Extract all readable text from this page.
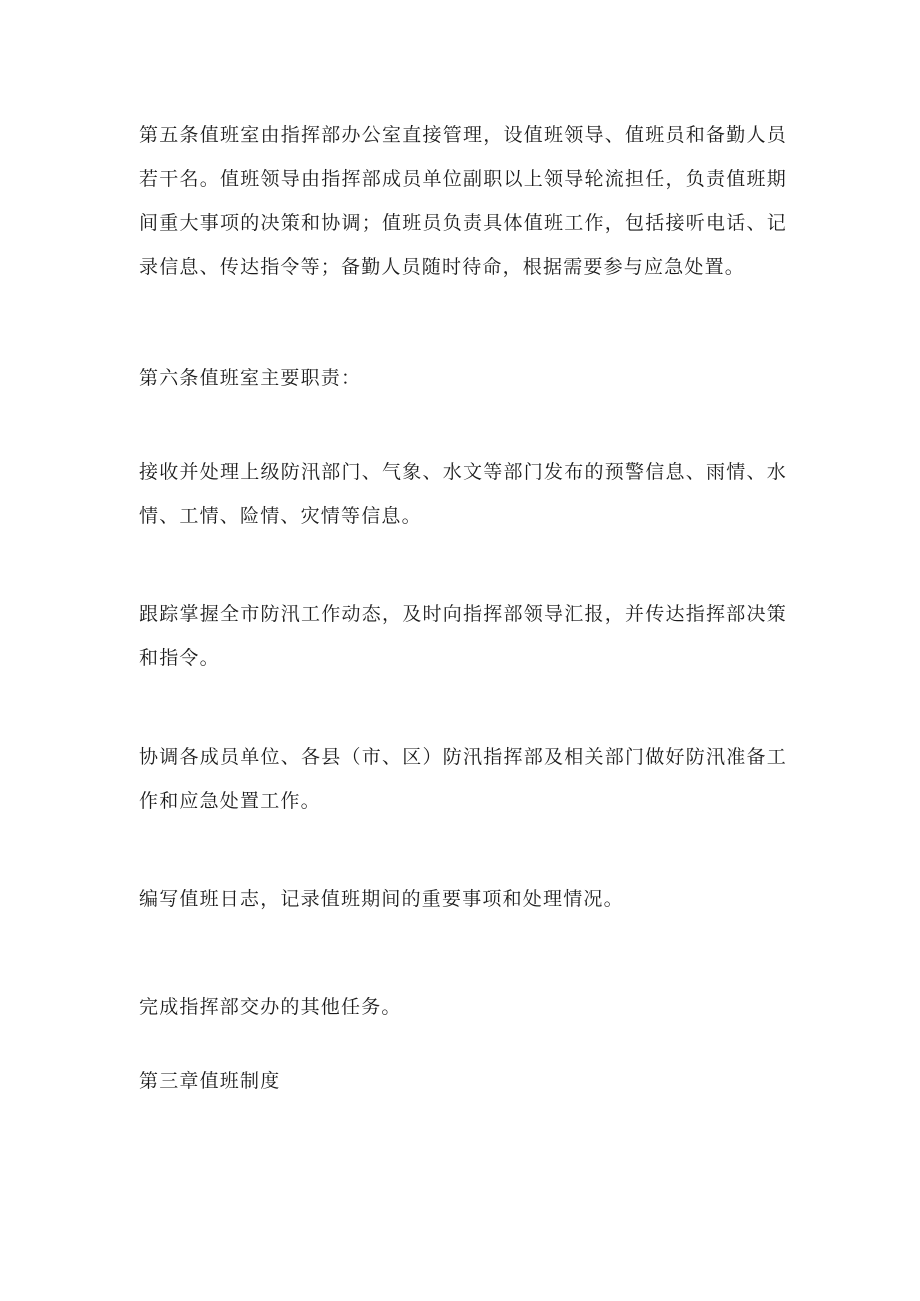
第五条值班室由指挥部办公室直接管理，设值班领导、值班员和备勤人员若干名。值班领导由指挥部成员单位副职以上领导轮流担任，负责值班期间重大事项的决策和协调；值班员负责具体值班工作，包括接听电话、记录信息、传达指令等；备勤人员随时待命，根据需要参与应急处置。

第六条值班室主要职责：

接收并处理上级防汛部门、气象、水文等部门发布的预警信息、雨情、水情、工情、险情、灾情等信息。

跟踪掌握全市防汛工作动态，及时向指挥部领导汇报，并传达指挥部决策和指令。

协调各成员单位、各县（市、区）防汛指挥部及相关部门做好防汛准备工作和应急处置工作。

编写值班日志，记录值班期间的重要事项和处理情况。

完成指挥部交办的其他任务。

第三章值班制度
